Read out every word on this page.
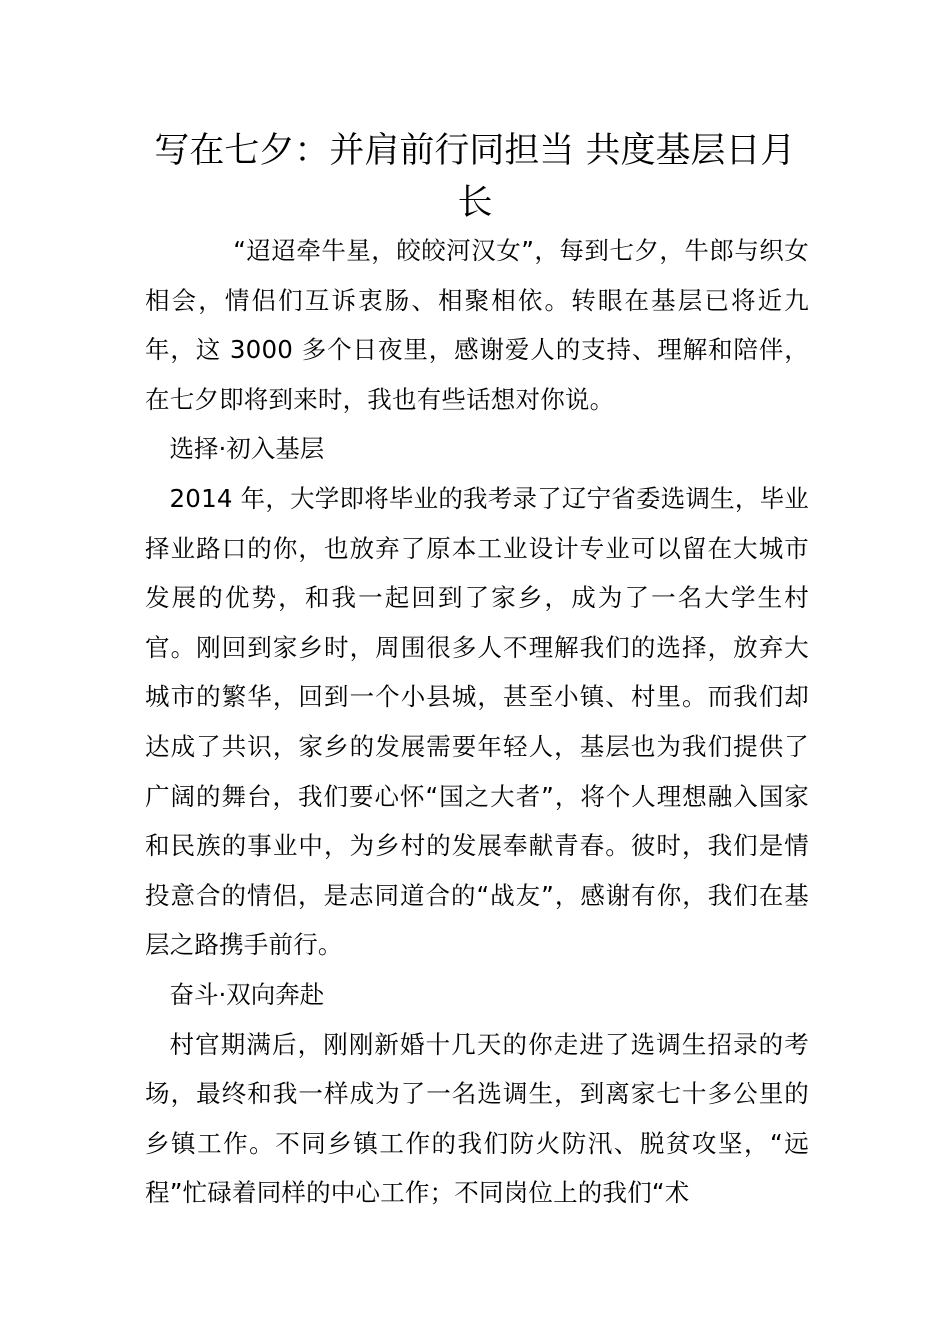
写在七夕：并肩前行同担当 共度基层日月长

“迢迢牵牛星，皎皎河汉女”，每到七夕，牛郎与织女相会，情侣们互诉衷肠、相聚相依。转眼在基层已将近九年，这 3000 多个日夜里，感谢爱人的支持、理解和陪伴，在七夕即将到来时，我也有些话想对你说。

选择·初入基层

2014 年，大学即将毕业的我考录了辽宁省委选调生，毕业择业路口的你，也放弃了原本工业设计专业可以留在大城市发展的优势，和我一起回到了家乡，成为了一名大学生村官。刚回到家乡时，周围很多人不理解我们的选择，放弃大城市的繁华，回到一个小县城，甚至小镇、村里。而我们却达成了共识，家乡的发展需要年轻人，基层也为我们提供了广阔的舞台，我们要心怀“国之大者”，将个人理想融入国家和民族的事业中，为乡村的发展奉献青春。彼时，我们是情投意合的情侣，是志同道合的“战友”，感谢有你，我们在基层之路携手前行。

奋斗·双向奔赴

村官期满后，刚刚新婚十几天的你走进了选调生招录的考场，最终和我一样成为了一名选调生，到离家七十多公里的乡镇工作。不同乡镇工作的我们防火防汛、脱贫攻坚，“远程”忙碌着同样的中心工作；不同岗位上的我们“术
